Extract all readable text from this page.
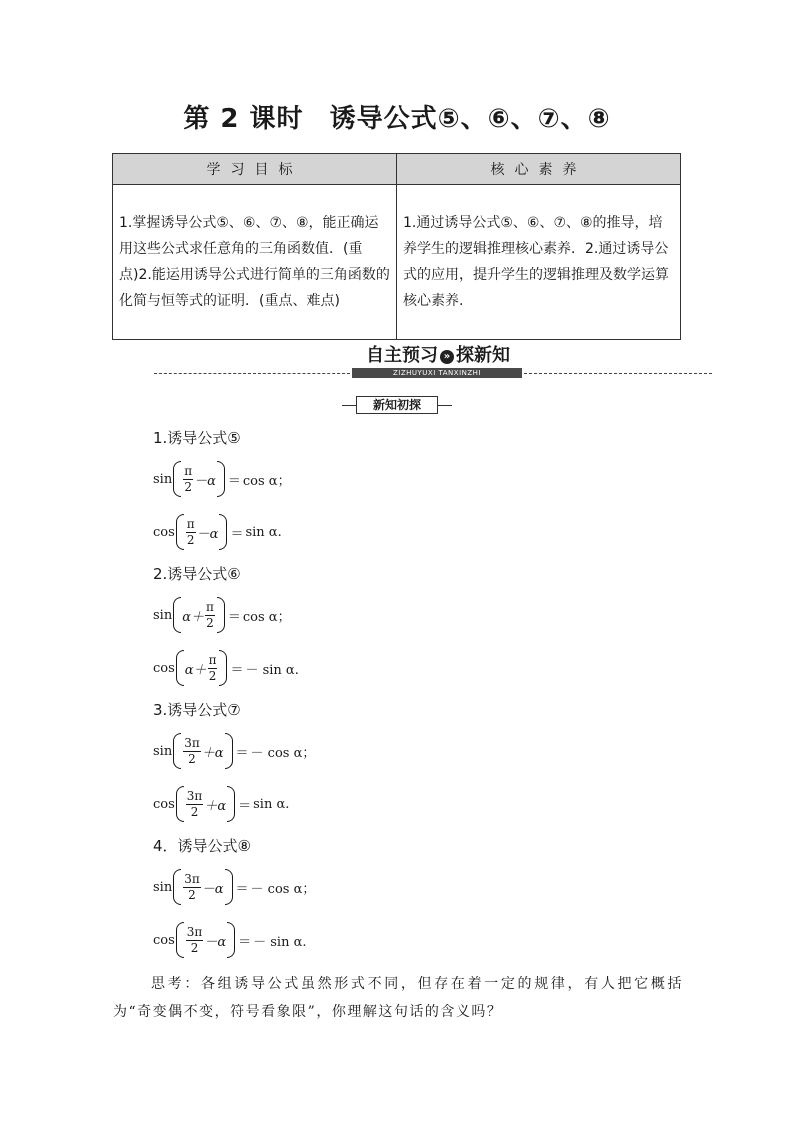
第 2 课时 诱导公式⑤、⑥、⑦、⑧
学习目标	核心素养
1.掌握诱导公式⑤、⑥、⑦、⑧，能正确运用这些公式求任意角的三角函数值．(重点)2.能运用诱导公式进行简单的三角函数的化简与恒等式的证明．(重点、难点)	1.通过诱导公式⑤、⑥、⑦、⑧的推导，培养学生的逻辑推理核心素养．2.通过诱导公式的应用，提升学生的逻辑推理及数学运算核心素养.
自主预习 » 探新知
ZIZHUYUXI TANXINZHI
新知初探
1.诱导公式⑤
$\sin \frac{\pi}{2} -\alpha = \cos \alpha$；
$\cos \frac{\pi}{2} -\alpha = \sin \alpha$.
2.诱导公式⑥
$\sin \alpha+ \frac{\pi}{2} = \cos \alpha$；
$\cos \alpha+ \frac{\pi}{2}$ ＝ － sin α.
3.诱导公式⑦
$\sin \frac{3\pi}{2} +\alpha$ ＝ － cos α；
$\cos \frac{3\pi}{2} +\alpha = \sin \alpha$.
4．诱导公式⑧
$\sin \frac{3\pi}{2} -\alpha$ ＝ － cos α；
$\cos \frac{3\pi}{2} -\alpha$ ＝ － sin α.
思考：各组诱导公式虽然形式不同，但存在着一定的规律，有人把它概括为“奇变偶不变，符号看象限”，你理解这句话的含义吗？
